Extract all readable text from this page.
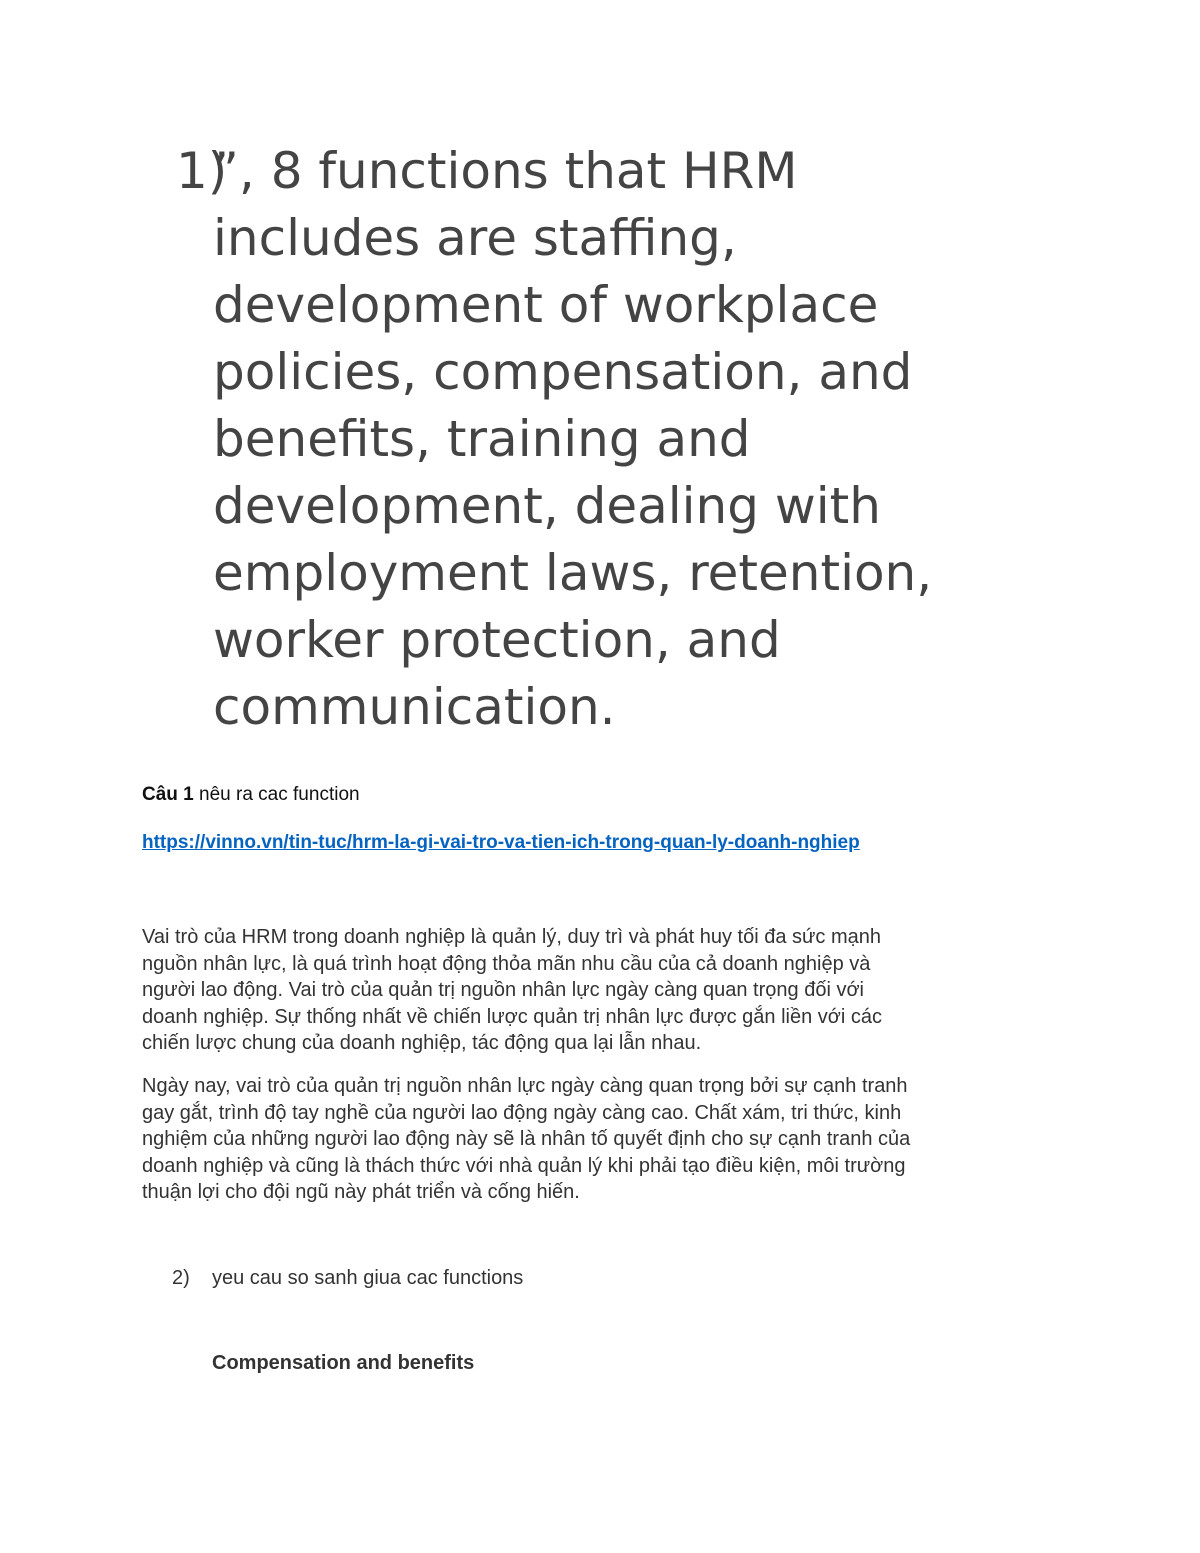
1)
”, 8 functions that HRM
includes are staffing,
development of workplace
policies, compensation, and
benefits, training and
development, dealing with
employment laws, retention,
worker protection, and
communication.
Câu 1 nêu ra cac function
https://vinno.vn/tin-tuc/hrm-la-gi-vai-tro-va-tien-ich-trong-quan-ly-doanh-nghiep
Vai trò của HRM trong doanh nghiệp là quản lý, duy trì và phát huy tối đa sức mạnh
nguồn nhân lực, là quá trình hoạt động thỏa mãn nhu cầu của cả doanh nghiệp và
người lao động. Vai trò của quản trị nguồn nhân lực ngày càng quan trọng đối với
doanh nghiệp. Sự thống nhất về chiến lược quản trị nhân lực được gắn liền với các
chiến lược chung của doanh nghiệp, tác động qua lại lẫn nhau.
Ngày nay, vai trò của quản trị nguồn nhân lực ngày càng quan trọng bởi sự cạnh tranh
gay gắt, trình độ tay nghề của người lao động ngày càng cao. Chất xám, tri thức, kinh
nghiệm của những người lao động này sẽ là nhân tố quyết định cho sự cạnh tranh của
doanh nghiệp và cũng là thách thức với nhà quản lý khi phải tạo điều kiện, môi trường
thuận lợi cho đội ngũ này phát triển và cống hiến.
2) yeu cau so sanh giua cac functions
Compensation and benefits
